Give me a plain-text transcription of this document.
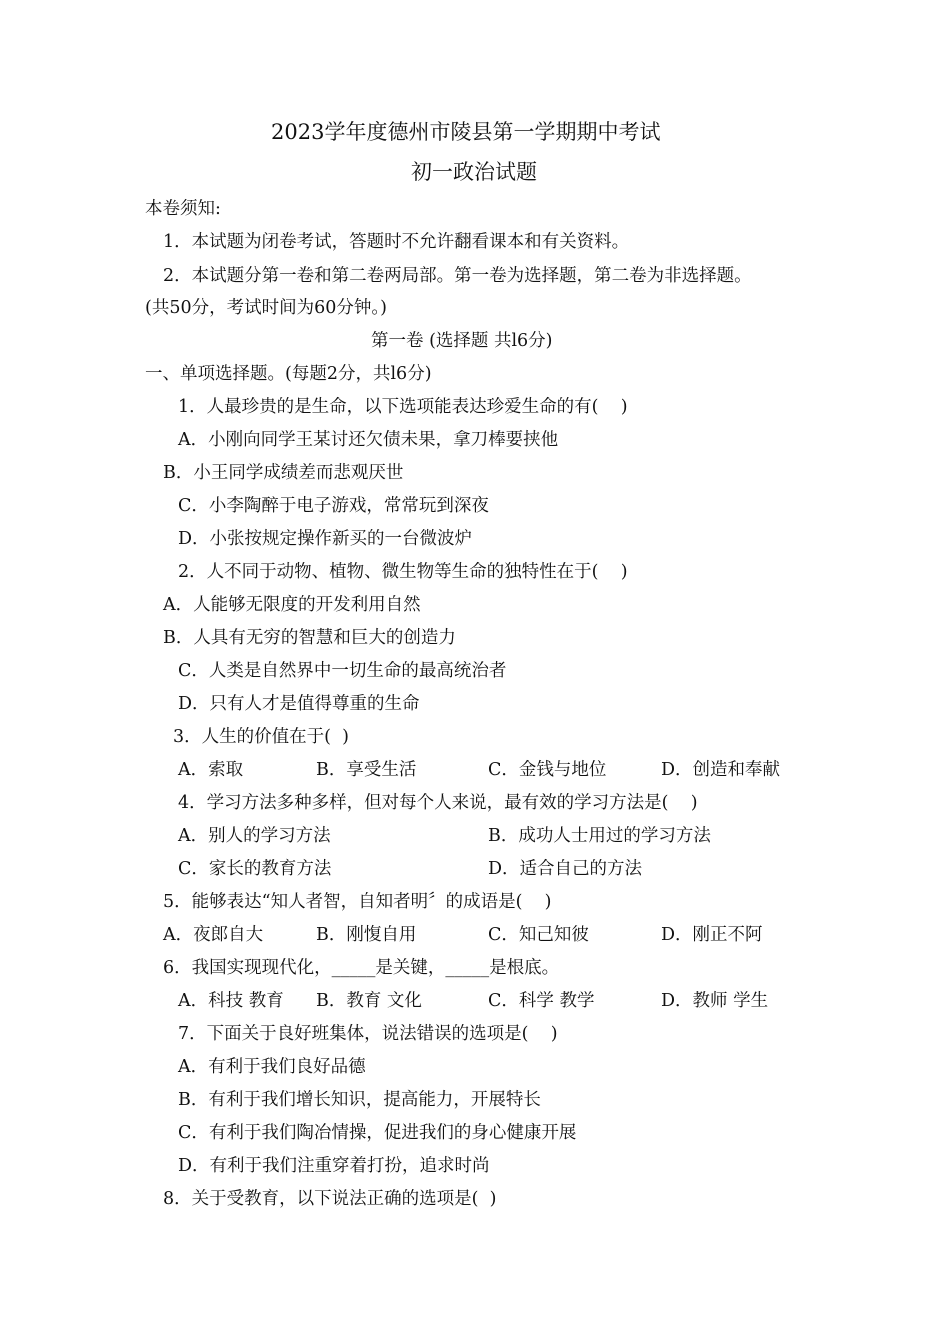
2023学年度德州市陵县第一学期期中考试
初一政治试题
本卷须知:
1．本试题为闭卷考试，答题时不允许翻看课本和有关资料。
2．本试题分第一卷和第二卷两局部。第一卷为选择题，第二卷为非选择题。
(共50分，考试时间为60分钟。)
第一卷 (选择题 共l6分)
一、单项选择题。(每题2分，共l6分)
1．人最珍贵的是生命，以下选项能表达珍爱生命的有(    )
A．小刚向同学王某讨还欠债未果，拿刀棒要挟他
B．小王同学成绩差而悲观厌世
C．小李陶醉于电子游戏，常常玩到深夜
D．小张按规定操作新买的一台微波炉
2．人不同于动物、植物、微生物等生命的独特性在于(    )
A．人能够无限度的开发利用自然
B．人具有无穷的智慧和巨大的创造力
C．人类是自然界中一切生命的最高统治者
D．只有人才是值得尊重的生命
3．人生的价值在于(  )
A．索取	B．享受生活	C．金钱与地位	D．创造和奉献
4．学习方法多种多样，但对每个人来说，最有效的学习方法是(    )
A．别人的学习方法	B．成功人士用过的学习方法
C．家长的教育方法	D．适合自己的方法
5．能够表达“知人者智，自知者明〞的成语是(    )
A．夜郎自大	B．刚愎自用	C．知己知彼	D．刚正不阿
6．我国实现现代化，_____是关键，_____是根底。
A．科技 教育 B．教育 文化	C．科学 教学	D．教师 学生
7．下面关于良好班集体，说法错误的选项是(    )
A．有利于我们良好品德
B．有利于我们增长知识，提高能力，开展特长
C．有利于我们陶冶情操，促进我们的身心健康开展
D．有利于我们注重穿着打扮，追求时尚
8．关于受教育，以下说法正确的选项是(  )
